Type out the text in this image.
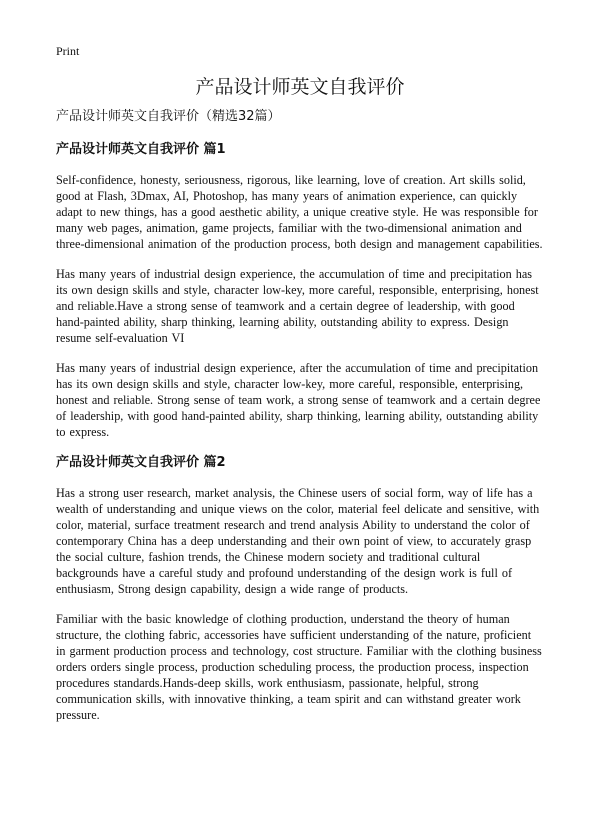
Print
产品设计师英文自我评价
产品设计师英文自我评价（精选32篇）
产品设计师英文自我评价 篇1

Self-confidence, honesty, seriousness, rigorous, like learning, love of creation. Art skills solid, good at Flash, 3Dmax, AI, Photoshop, has many years of animation experience, can quickly adapt to new things, has a good aesthetic ability, a unique creative style. He was responsible for many web pages, animation, game projects, familiar with the two-dimensional animation and three-dimensional animation of the production process, both design and management capabilities.

Has many years of industrial design experience, the accumulation of time and precipitation has its own design skills and style, character low-key, more careful, responsible, enterprising, honest and reliable.Have a strong sense of teamwork and a certain degree of leadership, with good hand-painted ability, sharp thinking, learning ability, outstanding ability to express. Design resume self-evaluation VI

Has many years of industrial design experience, after the accumulation of time and precipitation has its own design skills and style, character low-key, more careful, responsible, enterprising, honest and reliable. Strong sense of team work, a strong sense of teamwork and a certain degree of leadership, with good hand-painted ability, sharp thinking, learning ability, outstanding ability to express.

产品设计师英文自我评价 篇2

Has a strong user research, market analysis, the Chinese users of social form, way of life has a wealth of understanding and unique views on the color, material feel delicate and sensitive, with color, material, surface treatment research and trend analysis Ability to understand the color of contemporary China has a deep understanding and their own point of view, to accurately grasp the social culture, fashion trends, the Chinese modern society and traditional cultural backgrounds have a careful study and profound understanding of the design work is full of enthusiasm, Strong design capability, design a wide range of products.

Familiar with the basic knowledge of clothing production, understand the theory of human structure, the clothing fabric, accessories have sufficient understanding of the nature, proficient in garment production process and technology, cost structure. Familiar with the clothing business orders orders single process, production scheduling process, the production process, inspection procedures standards.Hands-deep skills, work enthusiasm, passionate, helpful, strong communication skills, with innovative thinking, a team spirit and can withstand greater work pressure.
